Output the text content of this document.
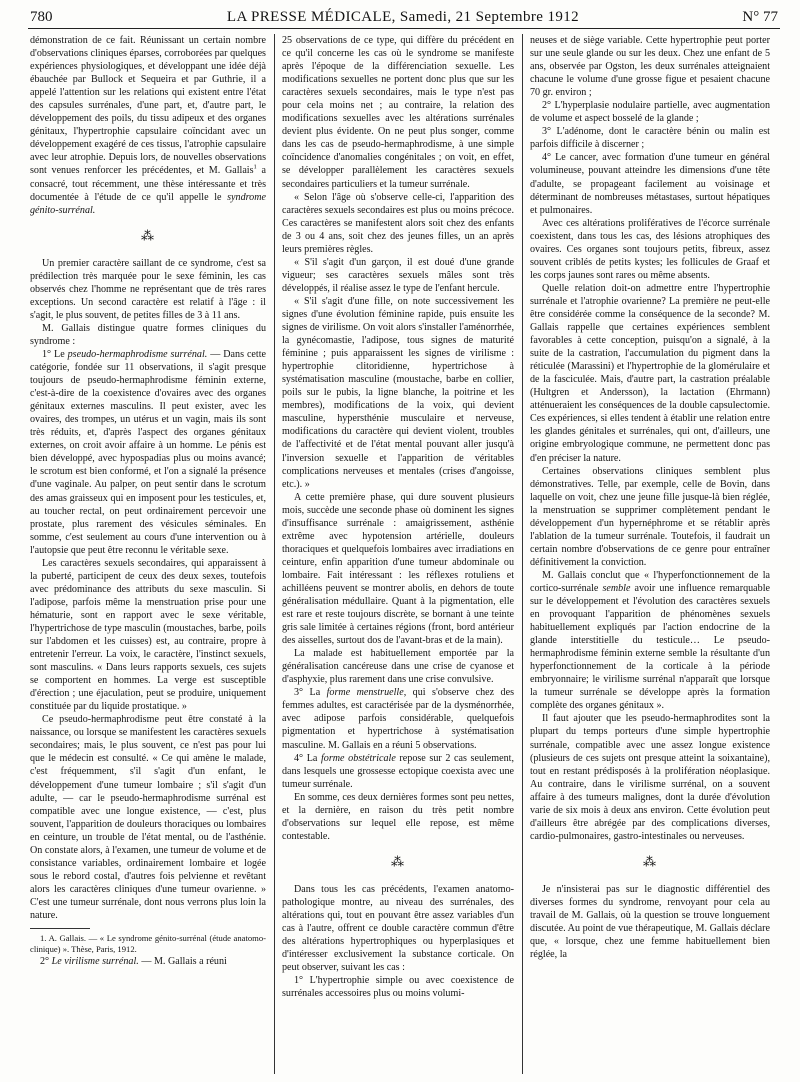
780	LA PRESSE MÉDICALE, Samedi, 21 Septembre 1912	N° 77

démonstration de ce fait. Réunissant un certain nombre d'observations cliniques éparses, corroborées par quelques expériences physiologiques, et développant une idée déjà ébauchée par Bullock et Sequeira et par Guthrie, il a appelé l'attention sur les relations qui existent entre l'état des capsules surrénales, d'une part, et, d'autre part, le développement des poils, du tissu adipeux et des organes génitaux, l'hypertrophie capsulaire coïncidant avec un développement exagéré de ces tissus, l'atrophie capsulaire avec leur atrophie. Depuis lors, de nouvelles observations sont venues renforcer les précédentes, et M. Gallais$^1$ a consacré, tout récemment, une thèse intéressante et très documentée à l'étude de ce qu'il appelle le syndrome génito-surrénal.

⁂

Un premier caractère saillant de ce syndrome, c'est sa prédilection très marquée pour le sexe féminin, les cas observés chez l'homme ne représentant que de très rares exceptions. Un second caractère est relatif à l'âge : il s'agit, le plus souvent, de petites filles de 3 à 11 ans.

M. Gallais distingue quatre formes cliniques du syndrome :

1° Le pseudo-hermaphrodisme surrénal. — Dans cette catégorie, fondée sur 11 observations, il s'agit presque toujours de pseudo-hermaphrodisme féminin externe, c'est-à-dire de la coexistence d'ovaires avec des organes génitaux externes masculins. Il peut exister, avec les ovaires, des trompes, un utérus et un vagin, mais ils sont très réduits, et, d'après l'aspect des organes génitaux externes, on croit avoir affaire à un homme. Le pénis est bien développé, avec hypospadias plus ou moins avancé; le scrotum est bien conformé, et l'on a signalé la présence d'une vaginale. Au palper, on peut sentir dans le scrotum des amas graisseux qui en imposent pour les testicules, et, au toucher rectal, on peut ordinairement percevoir une prostate, plus rarement des vésicules séminales. En somme, c'est seulement au cours d'une intervention ou à l'autopsie que peut être reconnu le véritable sexe.

Les caractères sexuels secondaires, qui apparaissent à la puberté, participent de ceux des deux sexes, toutefois avec prédominance des attributs du sexe masculin. Si l'adipose, parfois même la menstruation prise pour une hématurie, sont en rapport avec le sexe véritable, l'hypertrichose de type masculin (moustaches, barbe, poils sur l'abdomen et les cuisses) est, au contraire, propre à entretenir l'erreur. La voix, le caractère, l'instinct sexuels, sont masculins. « Dans leurs rapports sexuels, ces sujets se comportent en hommes. La verge est susceptible d'érection ; une éjaculation, peut se produire, uniquement constituée par du liquide prostatique. »

Ce pseudo-hermaphrodisme peut être constaté à la naissance, ou lorsque se manifestent les caractères sexuels secondaires; mais, le plus souvent, ce n'est pas pour lui que le médecin est consulté. « Ce qui amène le malade, c'est fréquemment, s'il s'agit d'un enfant, le développement d'une tumeur lombaire ; s'il s'agit d'un adulte, — car le pseudo-hermaphrodisme surrénal est compatible avec une longue existence, — c'est, plus souvent, l'apparition de douleurs thoraciques ou lombaires en ceinture, un trouble de l'état mental, ou de l'asthénie. On constate alors, à l'examen, une tumeur de volume et de consistance variables, ordinairement lombaire et logée sous le rebord costal, d'autres fois pelvienne et revêtant alors les caractères cliniques d'une tumeur ovarienne. » C'est une tumeur surrénale, dont nous verrons plus loin la nature.

1. A. Gallais. — « Le syndrome génito-surrénal (étude anatomo-clinique) ». Thèse, Paris, 1912.

2° Le virilisme surrénal. — M. Gallais a réuni

25 observations de ce type, qui diffère du précédent en ce qu'il concerne les cas où le syndrome se manifeste après l'époque de la différenciation sexuelle. Les modifications sexuelles ne portent donc plus que sur les caractères sexuels secondaires, mais le type n'est pas pour cela moins net ; au contraire, la relation des modifications sexuelles avec les altérations surrénales devient plus évidente. On ne peut plus songer, comme dans les cas de pseudo-hermaphrodisme, à une simple coïncidence d'anomalies congénitales ; on voit, en effet, se développer parallèlement les caractères sexuels secondaires particuliers et la tumeur surrénale.

« Selon l'âge où s'observe celle-ci, l'apparition des caractères sexuels secondaires est plus ou moins précoce. Ces caractères se manifestent alors soit chez des enfants de 3 ou 4 ans, soit chez des jeunes filles, un an après leurs premières règles.

« S'il s'agit d'un garçon, il est doué d'une grande vigueur; ses caractères sexuels mâles sont très développés, il réalise assez le type de l'enfant hercule.

« S'il s'agit d'une fille, on note successivement les signes d'une évolution féminine rapide, puis ensuite les signes de virilisme. On voit alors s'installer l'aménorrhée, la gynécomastie, l'adipose, tous signes de maturité féminine ; puis apparaissent les signes de virilisme : hypertrophie clitoridienne, hypertrichose à systématisation masculine (moustache, barbe en collier, poils sur le pubis, la ligne blanche, la poitrine et les membres), modifications de la voix, qui devient masculine, hypersthénie musculaire et nerveuse, modifications du caractère qui devient violent, troubles de l'affectivité et de l'état mental pouvant aller jusqu'à l'inversion sexuelle et l'apparition de véritables complications nerveuses et mentales (crises d'angoisse, etc.). »

A cette première phase, qui dure souvent plusieurs mois, succède une seconde phase où dominent les signes d'insuffisance surrénale : amaigrissement, asthénie extrême avec hypotension artérielle, douleurs thoraciques et quelquefois lombaires avec irradiations en ceinture, enfin apparition d'une tumeur abdominale ou lombaire. Fait intéressant : les réflexes rotuliens et achilléens peuvent se montrer abolis, en dehors de toute généralisation médullaire. Quant à la pigmentation, elle est rare et reste toujours discrète, se bornant à une teinte gris sale limitée à certaines régions (front, bord antérieur des aisselles, surtout dos de l'avant-bras et de la main).

La malade est habituellement emportée par la généralisation cancéreuse dans une crise de cyanose et d'asphyxie, plus rarement dans une crise convulsive.

3° La forme menstruelle, qui s'observe chez des femmes adultes, est caractérisée par de la dysménorrhée, avec adipose parfois considérable, quelquefois pigmentation et hypertrichose à systématisation masculine. M. Gallais en a réuni 5 observations.

4° La forme obstétricale repose sur 2 cas seulement, dans lesquels une grossesse ectopique coexista avec une tumeur surrénale.

En somme, ces deux dernières formes sont peu nettes, et la dernière, en raison du très petit nombre d'observations sur lequel elle repose, est même contestable.

⁂

Dans tous les cas précédents, l'examen anatomo-pathologique montre, au niveau des surrénales, des altérations qui, tout en pouvant être assez variables d'un cas à l'autre, offrent ce double caractère commun d'être des altérations hypertrophiques ou hyperplasiques et d'intéresser exclusivement la substance corticale. On peut observer, suivant les cas :

1° L'hypertrophie simple ou avec coexistence de surrénales accessoires plus ou moins volumi-

neuses et de siège variable. Cette hypertrophie peut porter sur une seule glande ou sur les deux. Chez une enfant de 5 ans, observée par Ogston, les deux surrénales atteignaient chacune le volume d'une grosse figue et pesaient chacune 70 gr. environ ;

2° L'hyperplasie nodulaire partielle, avec augmentation de volume et aspect bosselé de la glande ;

3° L'adénome, dont le caractère bénin ou malin est parfois difficile à discerner ;

4° Le cancer, avec formation d'une tumeur en général volumineuse, pouvant atteindre les dimensions d'une tête d'adulte, se propageant facilement au voisinage et déterminant de nombreuses métastases, surtout hépatiques et pulmonaires.

Avec ces altérations prolifératives de l'écorce surrénale coexistent, dans tous les cas, des lésions atrophiques des ovaires. Ces organes sont toujours petits, fibreux, assez souvent criblés de petits kystes; les follicules de Graaf et les corps jaunes sont rares ou même absents.

Quelle relation doit-on admettre entre l'hypertrophie surrénale et l'atrophie ovarienne? La première ne peut-elle être considérée comme la conséquence de la seconde? M. Gallais rappelle que certaines expériences semblent favorables à cette conception, puisqu'on a signalé, à la suite de la castration, l'accumulation du pigment dans la réticulée (Marassini) et l'hypertrophie de la glomérulaire et de la fasciculée. Mais, d'autre part, la castration préalable (Hultgren et Andersson), la lactation (Ehrmann) atténueraient les conséquences de la double capsulectomie. Ces expériences, si elles tendent à établir une relation entre les glandes génitales et surrénales, qui ont, d'ailleurs, une origine embryologique commune, ne permettent donc pas d'en préciser la nature.

Certaines observations cliniques semblent plus démonstratives. Telle, par exemple, celle de Bovin, dans laquelle on voit, chez une jeune fille jusque-là bien réglée, la menstruation se supprimer complètement pendant le développement d'un hypernéphrome et se rétablir après l'ablation de la tumeur surrénale. Toutefois, il faudrait un certain nombre d'observations de ce genre pour entraîner définitivement la conviction.

M. Gallais conclut que « l'hyperfonctionnement de la cortico-surrénale semble avoir une influence remarquable sur le développement et l'évolution des caractères sexuels en provoquant l'apparition de phénomènes sexuels habituellement expliqués par l'action endocrine de la glande interstitielle du testicule… Le pseudo-hermaphrodisme féminin externe semble la résultante d'un hyperfonctionnement de la corticale à la période embryonnaire; le virilisme surrénal n'apparaît que lorsque la tumeur surrénale se développe après la formation complète des organes génitaux ».

Il faut ajouter que les pseudo-hermaphrodites sont la plupart du temps porteurs d'une simple hypertrophie surrénale, compatible avec une assez longue existence (plusieurs de ces sujets ont presque atteint la soixantaine), tout en restant prédisposés à la prolifération néoplasique. Au contraire, dans le virilisme surrénal, on a souvent affaire à des tumeurs malignes, dont la durée d'évolution varie de six mois à deux ans environ. Cette évolution peut d'ailleurs être abrégée par des complications diverses, cardio-pulmonaires, gastro-intestinales ou nerveuses.

⁂

Je n'insisterai pas sur le diagnostic différentiel des diverses formes du syndrome, renvoyant pour cela au travail de M. Gallais, où la question se trouve longuement discutée. Au point de vue thérapeutique, M. Gallais déclare que, « lorsque, chez une femme habituellement bien réglée, la
